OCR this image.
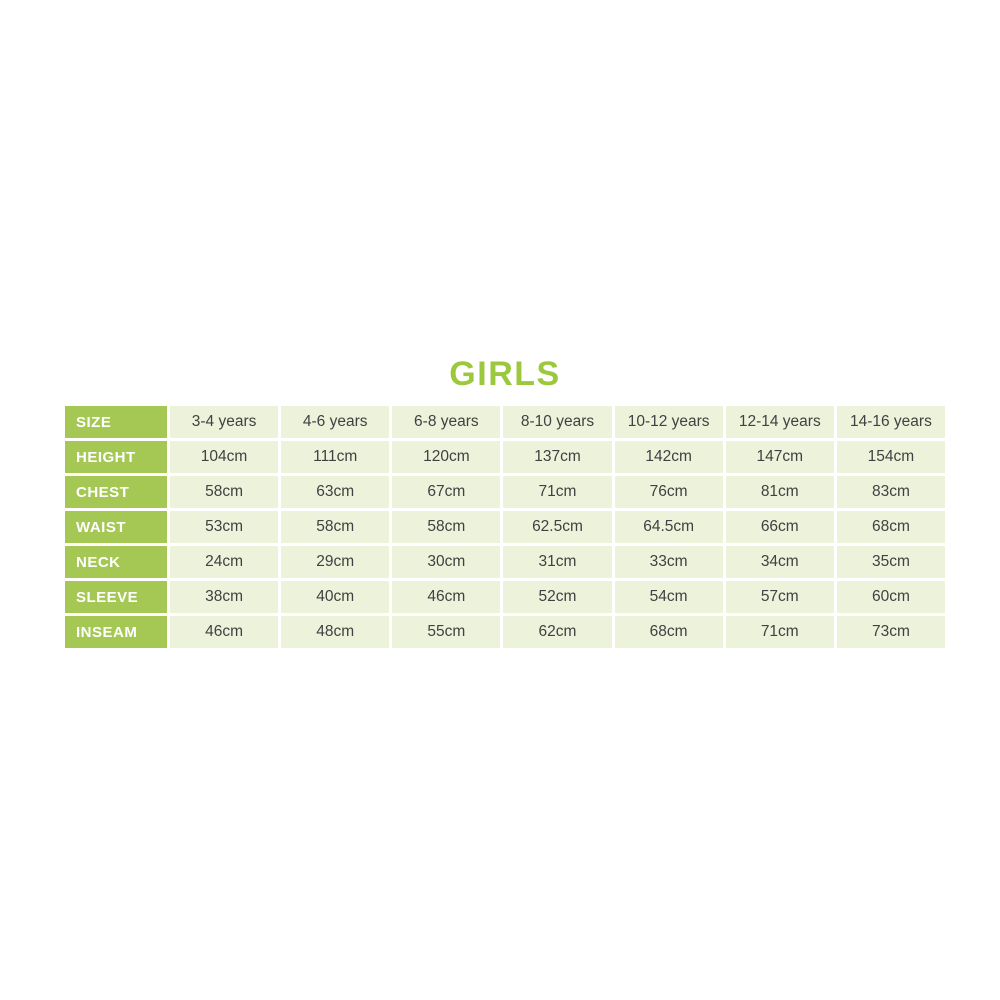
GIRLS
SIZE	3-4 years	4-6 years	6-8 years	8-10 years	10-12 years	12-14 years	14-16 years
HEIGHT	104cm	111cm	120cm	137cm	142cm	147cm	154cm
CHEST	58cm	63cm	67cm	71cm	76cm	81cm	83cm
WAIST	53cm	58cm	58cm	62.5cm	64.5cm	66cm	68cm
NECK	24cm	29cm	30cm	31cm	33cm	34cm	35cm
SLEEVE	38cm	40cm	46cm	52cm	54cm	57cm	60cm
INSEAM	46cm	48cm	55cm	62cm	68cm	71cm	73cm
